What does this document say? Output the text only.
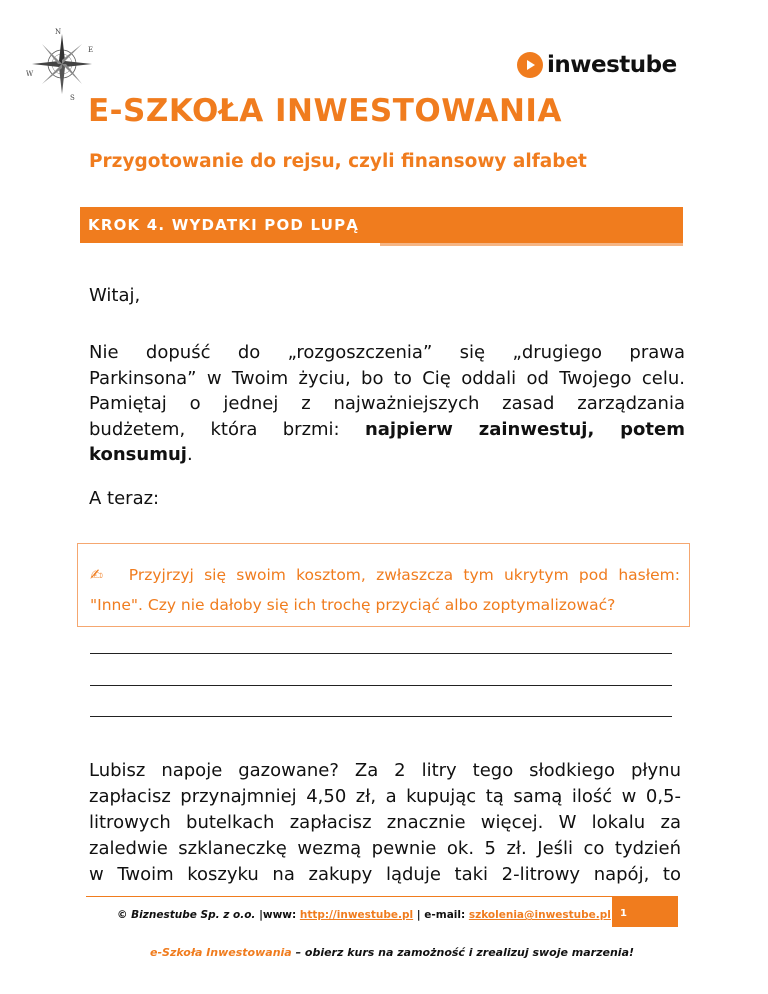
N
E
S
W	inwestube
E-SZKOŁA INWESTOWANIA
Przygotowanie do rejsu, czyli finansowy alfabet
KROK 4. WYDATKI POD LUPĄ
Witaj,
Nie dopuść do „rozgoszczenia” się „drugiego prawa
Parkinsona” w Twoim życiu, bo to Cię oddali od Twojego celu.
Pamiętaj o jednej z najważniejszych zasad zarządzania
budżetem, która brzmi: najpierw zainwestuj, potem konsumuj.
A teraz:
✍ Przyjrzyj się swoim kosztom, zwłaszcza tym ukrytym pod hasłem:
"Inne". Czy nie dałoby się ich trochę przyciąć albo zoptymalizować?
Lubisz napoje gazowane? Za 2 litry tego słodkiego płynu
zapłacisz przynajmniej 4,50 zł, a kupując tą samą ilość w 0,5-
litrowych butelkach zapłacisz znacznie więcej. W lokalu za
zaledwie szklaneczkę wezmą pewnie ok. 5 zł. Jeśli co tydzień
w Twoim koszyku na zakupy ląduje taki 2-litrowy napój, to
© Biznestube Sp. z o.o. |www: http://inwestube.pl | e-mail: szkolenia@inwestube.pl 1
e-Szkoła Inwestowania – obierz kurs na zamożność i zrealizuj swoje marzenia!
